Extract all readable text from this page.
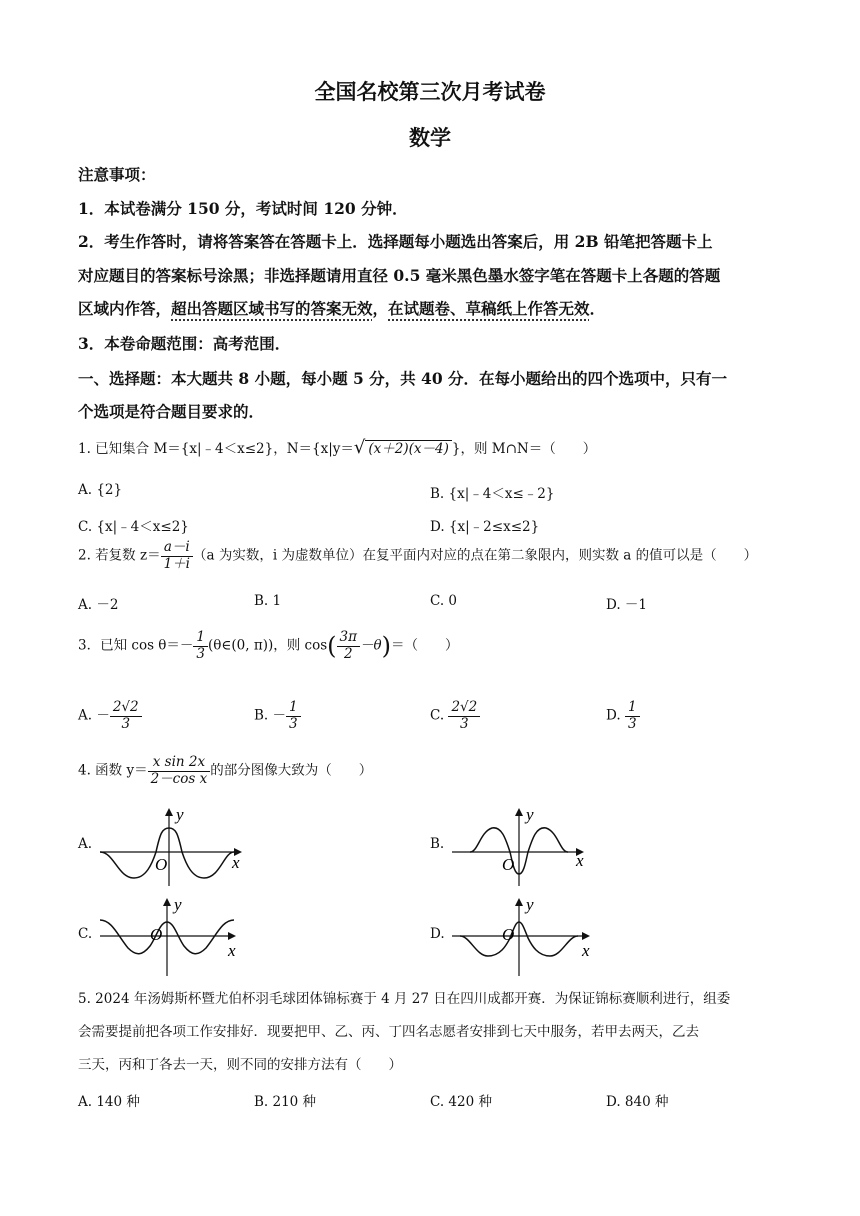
全国名校第三次月考试卷
数学
注意事项：
1．本试卷满分 150 分，考试时间 120 分钟．
2．考生作答时，请将答案答在答题卡上．选择题每小题选出答案后，用 2B 铅笔把答题卡上
对应题目的答案标号涂黑；非选择题请用直径 0.5 毫米黑色墨水签字笔在答题卡上各题的答题
区域内作答，超出答题区域书写的答案无效，在试题卷、草稿纸上作答无效．
3．本卷命题范围：高考范围．
一、选择题：本大题共 8 小题，每小题 5 分，共 40 分．在每小题给出的四个选项中，只有一
个选项是符合题目要求的．
1. 已知集合 M＝{x|﹣4＜x≤2}，N＝{x|y＝√ (x＋2)(x－4) }，则 M∩N＝（　　）
A. {2}	B. {x|﹣4＜x≤﹣2}
C. {x|﹣4＜x≤2}	D. {x|﹣2≤x≤2}
2. 若复数 $z= \frac{a-i}{1+i} (a$ 为实数，i 为虚数单位）在复平面内对应的点在第二象限内，则实数 a 的值可以是（　　）
A. －2	B. 1	C. 0	D. －1
3．已知 $\cos \theta=- \frac{1}{3}$ (θ∈(0, π))，则 $\cos( \frac{3\pi}{2} -\theta)=$（　　）
A. － $\frac{2√2}{3}$	B. － $\frac{1}{3}$	C. $\frac{2√2}{3}$	D. $\frac{1}{3}$
4. 函数 $y= \frac{\text{x sin 2x}}{\text{2－cos x}}$ 的部分图像大致为（　　）
A.	B.
C.	D.
O	x
y
O	x
y
O
x
y
O
x
y
5. 2024 年汤姆斯杯暨尤伯杯羽毛球团体锦标赛于 4 月 27 日在四川成都开赛．为保证锦标赛顺利进行，组委
会需要提前把各项工作安排好．现要把甲、乙、丙、丁四名志愿者安排到七天中服务，若甲去两天，乙去
三天，丙和丁各去一天，则不同的安排方法有（　　）
A. 140 种	B. 210 种	C. 420 种	D. 840 种
